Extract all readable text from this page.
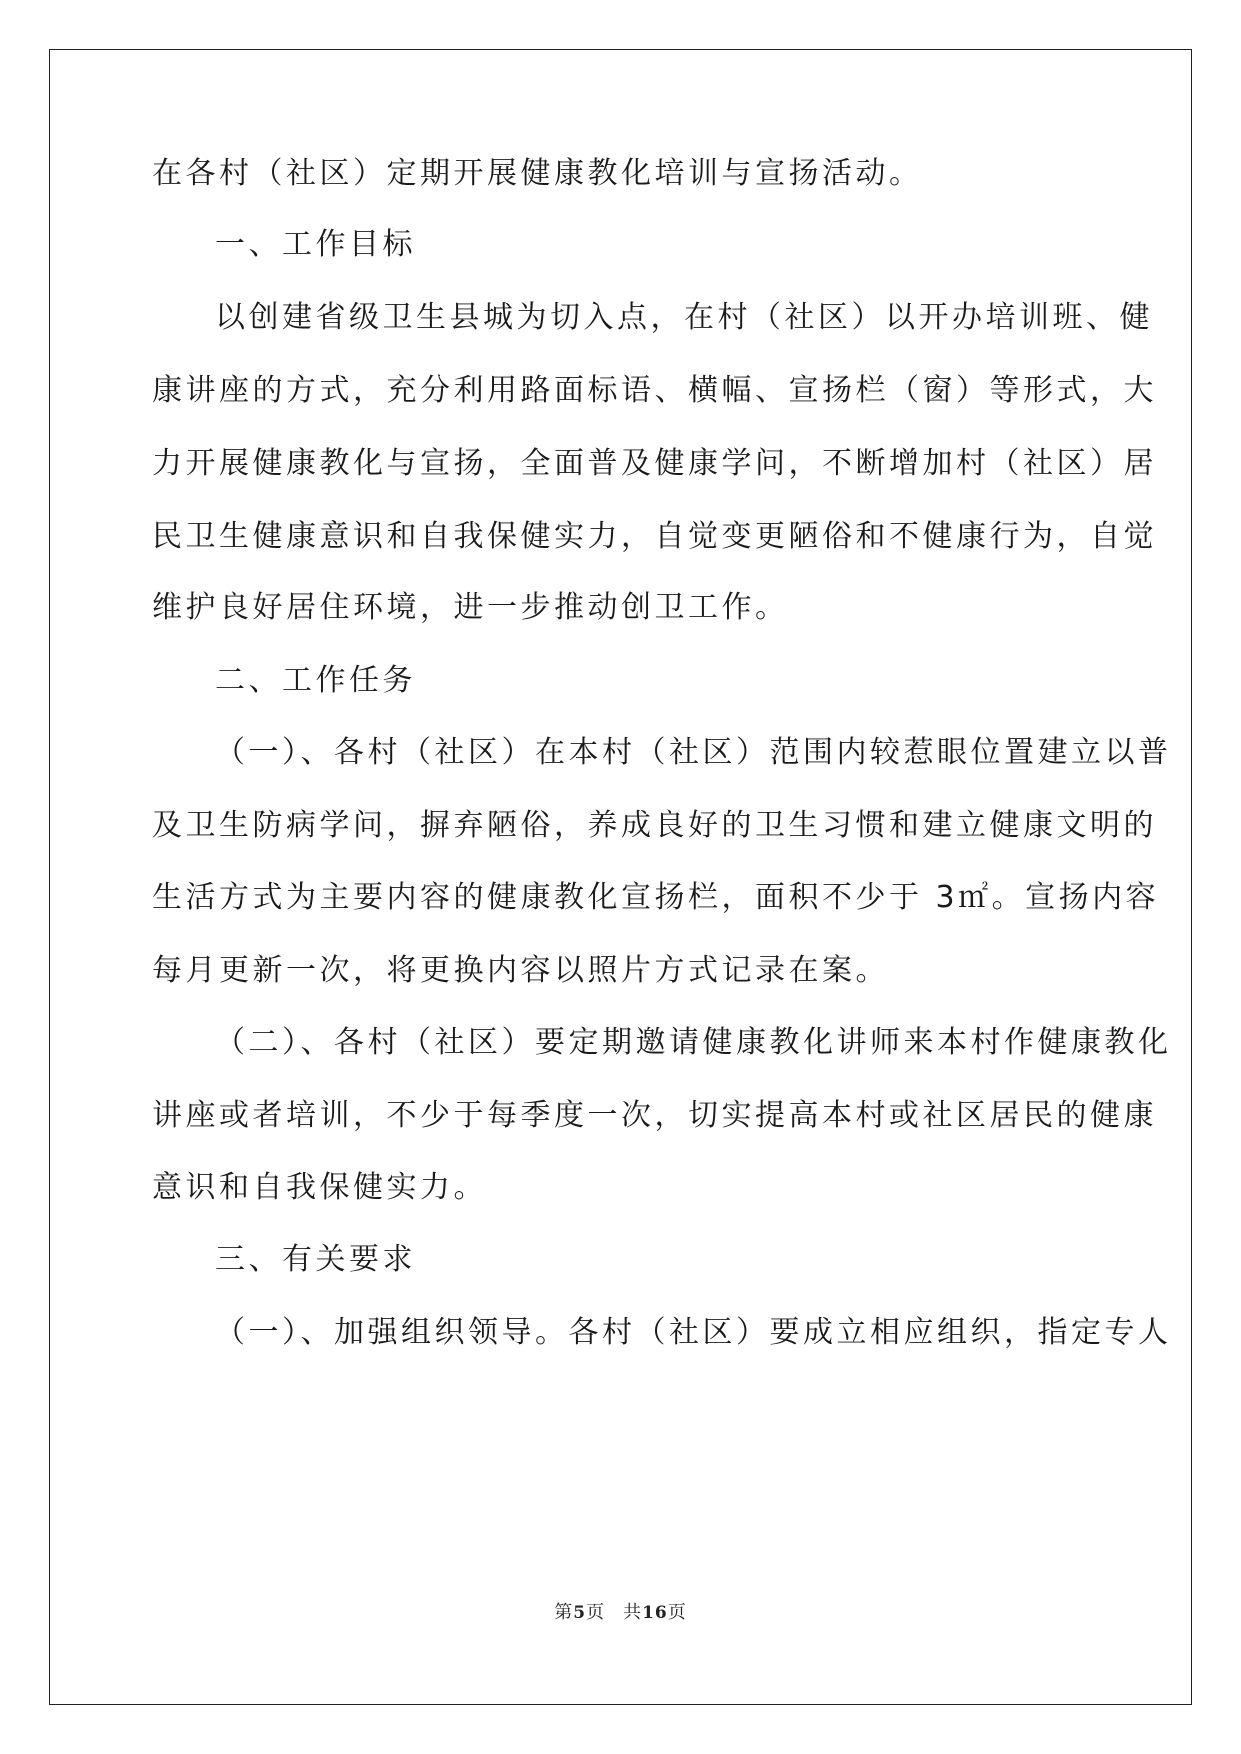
在各村（社区）定期开展健康教化培训与宣扬活动。
一、工作目标
以创建省级卫生县城为切入点，在村（社区）以开办培训班、健
康讲座的方式，充分利用路面标语、横幅、宣扬栏（窗）等形式，大
力开展健康教化与宣扬，全面普及健康学问，不断增加村（社区）居
民卫生健康意识和自我保健实力，自觉变更陋俗和不健康行为，自觉
维护良好居住环境，进一步推动创卫工作。
二、工作任务
（一）、各村（社区）在本村（社区）范围内较惹眼位置建立以普
及卫生防病学问，摒弃陋俗，养成良好的卫生习惯和建立健康文明的
生活方式为主要内容的健康教化宣扬栏，面积不少于 3㎡。宣扬内容
每月更新一次，将更换内容以照片方式记录在案。
（二）、各村（社区）要定期邀请健康教化讲师来本村作健康教化
讲座或者培训，不少于每季度一次，切实提高本村或社区居民的健康
意识和自我保健实力。
三、有关要求
（一）、加强组织领导。各村（社区）要成立相应组织，指定专人
第5页 共16页
